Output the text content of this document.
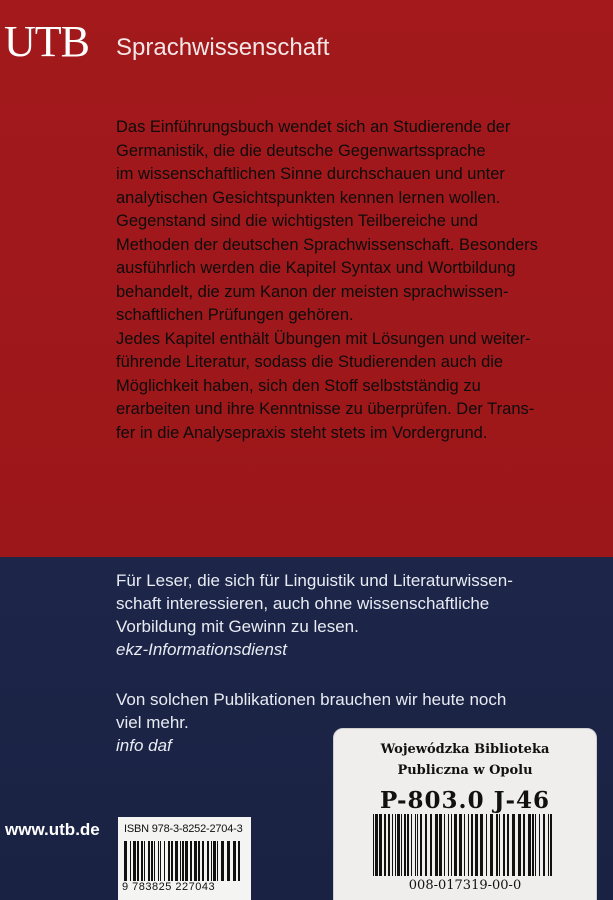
UTB Sprachwissenschaft

Das Einführungsbuch wendet sich an Studierende der

Germanistik, die die deutsche Gegenwartssprache

im wissenschaftlichen Sinne durchschauen und unter

analytischen Gesichtspunkten kennen lernen wollen.

Gegenstand sind die wichtigsten Teilbereiche und

Methoden der deutschen Sprachwissenschaft. Besonders

ausführlich werden die Kapitel Syntax und Wortbildung

behandelt, die zum Kanon der meisten sprachwissen-

schaftlichen Prüfungen gehören.

Jedes Kapitel enthält Übungen mit Lösungen und weiter-

führende Literatur, sodass die Studierenden auch die

Möglichkeit haben, sich den Stoff selbstständig zu

erarbeiten und ihre Kenntnisse zu überprüfen. Der Trans-

fer in die Analysepraxis steht stets im Vordergrund.

Für Leser, die sich für Linguistik und Literaturwissen-

schaft interessieren, auch ohne wissenschaftliche

Vorbildung mit Gewinn zu lesen.

ekz-Informationsdienst

Von solchen Publikationen brauchen wir heute noch

viel mehr.

info daf

www.utb.de ISBN 978-3-8252-2704-3
9 783825 227043
Wojewódzka Biblioteka
Publiczna w Opolu
P-803.0 J-46
008-017319-00-0
